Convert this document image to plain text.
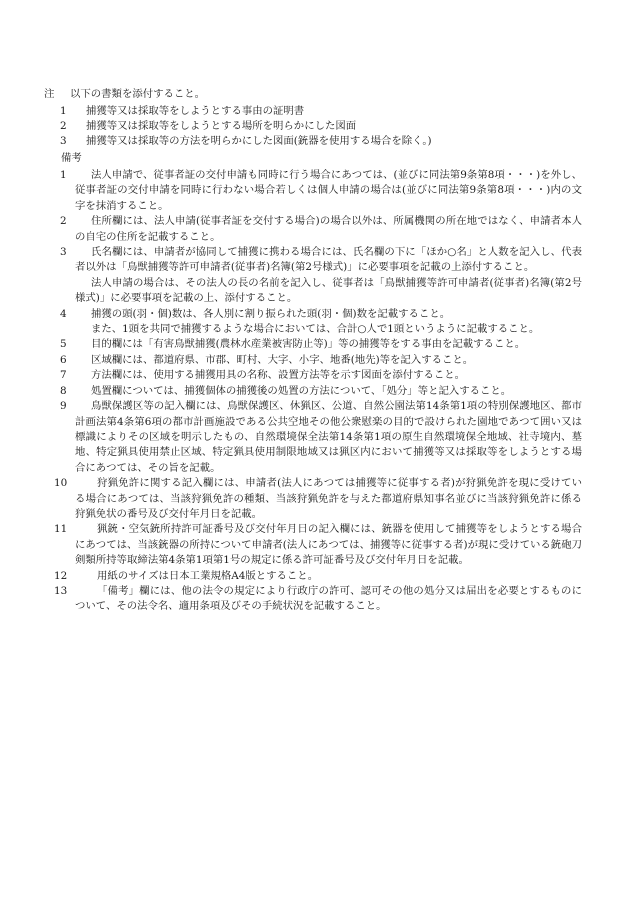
注 以下の書類を添付すること。
1 捕獲等又は採取等をしようとする事由の証明書
2 捕獲等又は採取等をしようとする場所を明らかにした図面
3 捕獲等又は採取等の方法を明らかにした図面(銃器を使用する場合を除く。)
備考
1	法人申請で、従事者証の交付申請も同時に行う場合にあつては、(並びに同法第9条第8項・・・)を外し、従事者証の交付申請を同時に行わない場合若しくは個人申請の場合は(並びに同法第9条第8項・・・)内の文字を抹消すること。
2	住所欄には、法人申請(従事者証を交付する場合)の場合以外は、所属機関の所在地ではなく、申請者本人の自宅の住所を記載すること。
3	氏名欄には、申請者が協同して捕獲に携わる場合には、氏名欄の下に「ほか○名」と人数を記入し、代表者以外は「鳥獣捕獲等許可申請者(従事者)名簿(第2号様式)」に必要事項を記載の上添付すること。
法人申請の場合は、その法人の長の名前を記入し、従事者は「鳥獣捕獲等許可申請者(従事者)名簿(第2号様式)」に必要事項を記載の上、添付すること。
4	捕獲の頭(羽・個)数は、各人別に割り振られた頭(羽・個)数を記載すること。
また、1頭を共同で捕獲するような場合においては、合計○人で1頭というように記載すること。
5	目的欄には「有害鳥獣捕獲(農林水産業被害防止等)」等の捕獲等をする事由を記載すること。
6	区域欄には、都道府県、市郡、町村、大字、小字、地番(地先)等を記入すること。
7	方法欄には、使用する捕獲用具の名称、設置方法等を示す図面を添付すること。
8	処置欄については、捕獲個体の捕獲後の処置の方法について、「処分」等と記入すること。
9	鳥獣保護区等の記入欄には、鳥獣保護区、休猟区、公道、自然公園法第14条第1項の特別保護地区、都市計画法第4条第6項の都市計画施設である公共空地その他公衆慰楽の目的で設けられた園地であつて囲い又は標識によりその区域を明示したもの、自然環境保全法第14条第1項の原生自然環境保全地域、社寺境内、墓地、特定猟具使用禁止区域、特定猟具使用制限地域又は猟区内において捕獲等又は採取等をしようとする場合にあつては、その旨を記載。
10	狩猟免許に関する記入欄には、申請者(法人にあつては捕獲等に従事する者)が狩猟免許を現に受けている場合にあつては、当該狩猟免許の種類、当該狩猟免許を与えた都道府県知事名並びに当該狩猟免許に係る狩猟免状の番号及び交付年月日を記載。
11	猟銃・空気銃所持許可証番号及び交付年月日の記入欄には、銃器を使用して捕獲等をしようとする場合にあつては、当該銃器の所持について申請者(法人にあつては、捕獲等に従事する者)が現に受けている銃砲刀剣類所持等取締法第4条第1項第1号の規定に係る許可証番号及び交付年月日を記載。
12	用紙のサイズは日本工業規格A4版とすること。
13	「備考」欄には、他の法令の規定により行政庁の許可、認可その他の処分又は届出を必要とするものについて、その法令名、適用条項及びその手続状況を記載すること。
